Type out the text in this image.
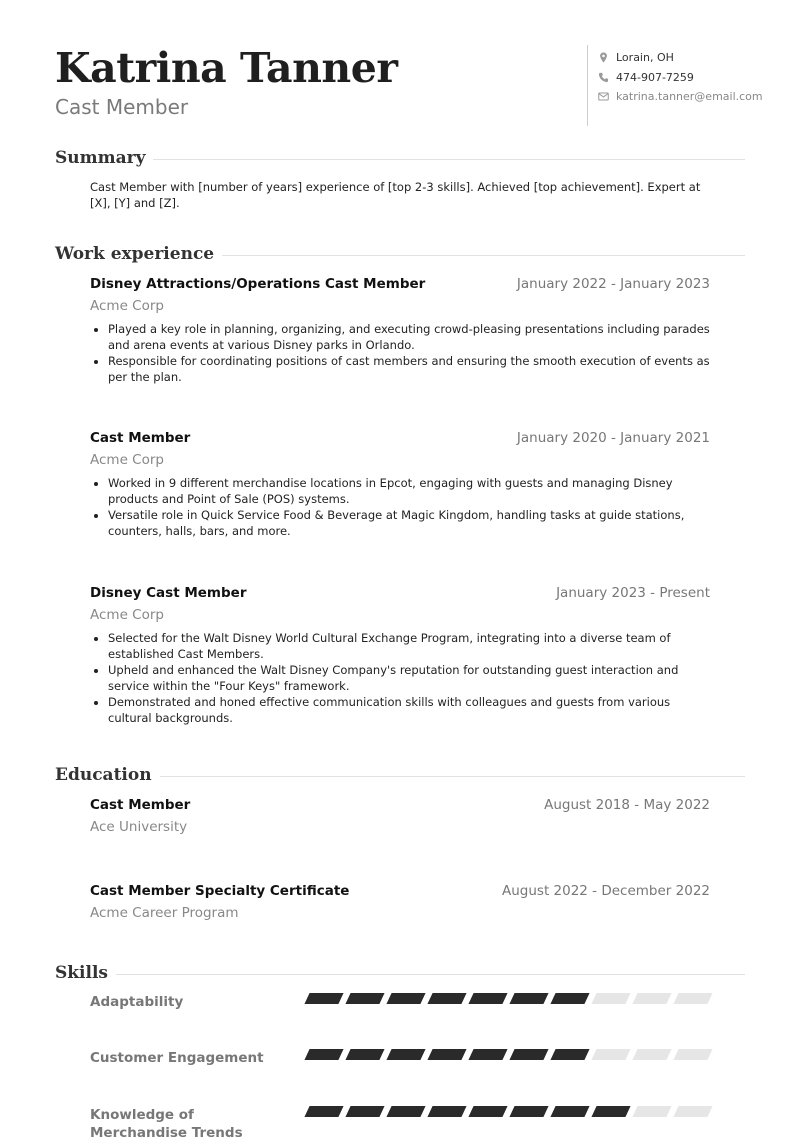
Katrina Tanner
Cast Member
Lorain, OH
474-907-7259
katrina.tanner@email.com
Summary
Cast Member with [number of years] experience of [top 2-3 skills]. Achieved [top achievement]. Expert at [X], [Y] and [Z].
Work experience
Disney Attractions/Operations Cast Member	January 2022 - January 2023
Acme Corp
• Played a key role in planning, organizing, and executing crowd-pleasing presentations including parades and arena events at various Disney parks in Orlando.
• Responsible for coordinating positions of cast members and ensuring the smooth execution of events as per the plan.
Cast Member	January 2020 - January 2021
Acme Corp
• Worked in 9 different merchandise locations in Epcot, engaging with guests and managing Disney products and Point of Sale (POS) systems.
• Versatile role in Quick Service Food & Beverage at Magic Kingdom, handling tasks at guide stations, counters, halls, bars, and more.
Disney Cast Member	January 2023 - Present
Acme Corp
• Selected for the Walt Disney World Cultural Exchange Program, integrating into a diverse team of established Cast Members.
• Upheld and enhanced the Walt Disney Company's reputation for outstanding guest interaction and service within the "Four Keys" framework.
• Demonstrated and honed effective communication skills with colleagues and guests from various cultural backgrounds.
Education
Cast Member	August 2018 - May 2022
Ace University
Cast Member Specialty Certificate	August 2022 - December 2022
Acme Career Program
Skills
Adaptability
Customer Engagement
Knowledge of Merchandise Trends
